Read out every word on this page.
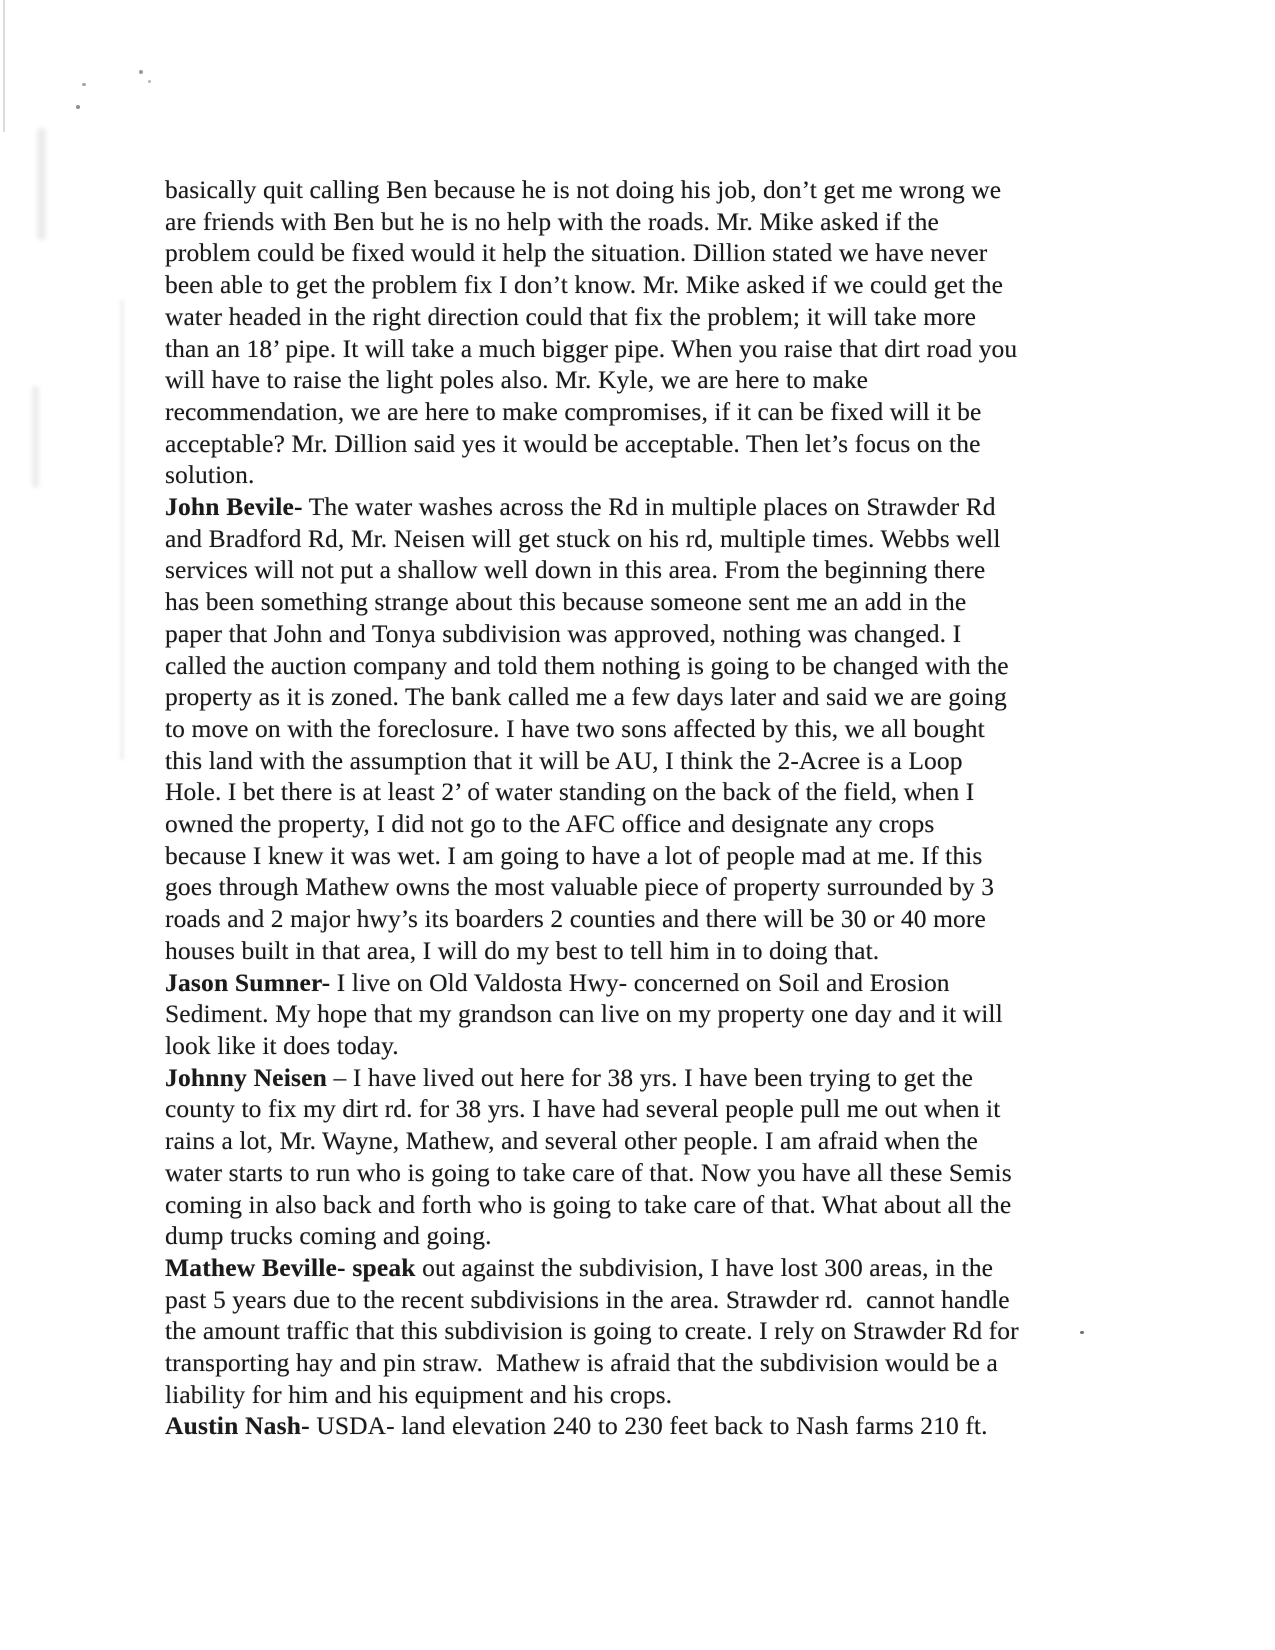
basically quit calling Ben because he is not doing his job, don’t get me wrong we
are friends with Ben but he is no help with the roads. Mr. Mike asked if the
problem could be fixed would it help the situation. Dillion stated we have never
been able to get the problem fix I don’t know. Mr. Mike asked if we could get the
water headed in the right direction could that fix the problem; it will take more
than an 18’ pipe. It will take a much bigger pipe. When you raise that dirt road you
will have to raise the light poles also. Mr. Kyle, we are here to make
recommendation, we are here to make compromises, if it can be fixed will it be
acceptable? Mr. Dillion said yes it would be acceptable. Then let’s focus on the
solution.
John Bevile- The water washes across the Rd in multiple places on Strawder Rd
and Bradford Rd, Mr. Neisen will get stuck on his rd, multiple times. Webbs well
services will not put a shallow well down in this area. From the beginning there
has been something strange about this because someone sent me an add in the
paper that John and Tonya subdivision was approved, nothing was changed. I
called the auction company and told them nothing is going to be changed with the
property as it is zoned. The bank called me a few days later and said we are going
to move on with the foreclosure. I have two sons affected by this, we all bought
this land with the assumption that it will be AU, I think the 2-Acree is a Loop
Hole. I bet there is at least 2’ of water standing on the back of the field, when I
owned the property, I did not go to the AFC office and designate any crops
because I knew it was wet. I am going to have a lot of people mad at me. If this
goes through Mathew owns the most valuable piece of property surrounded by 3
roads and 2 major hwy’s its boarders 2 counties and there will be 30 or 40 more
houses built in that area, I will do my best to tell him in to doing that.
Jason Sumner- I live on Old Valdosta Hwy- concerned on Soil and Erosion
Sediment. My hope that my grandson can live on my property one day and it will
look like it does today.
Johnny Neisen – I have lived out here for 38 yrs. I have been trying to get the
county to fix my dirt rd. for 38 yrs. I have had several people pull me out when it
rains a lot, Mr. Wayne, Mathew, and several other people. I am afraid when the
water starts to run who is going to take care of that. Now you have all these Semis
coming in also back and forth who is going to take care of that. What about all the
dump trucks coming and going.
Mathew Beville- speak out against the subdivision, I have lost 300 areas, in the
past 5 years due to the recent subdivisions in the area. Strawder rd.  cannot handle
the amount traffic that this subdivision is going to create. I rely on Strawder Rd for
transporting hay and pin straw.  Mathew is afraid that the subdivision would be a
liability for him and his equipment and his crops.
Austin Nash- USDA- land elevation 240 to 230 feet back to Nash farms 210 ft.
